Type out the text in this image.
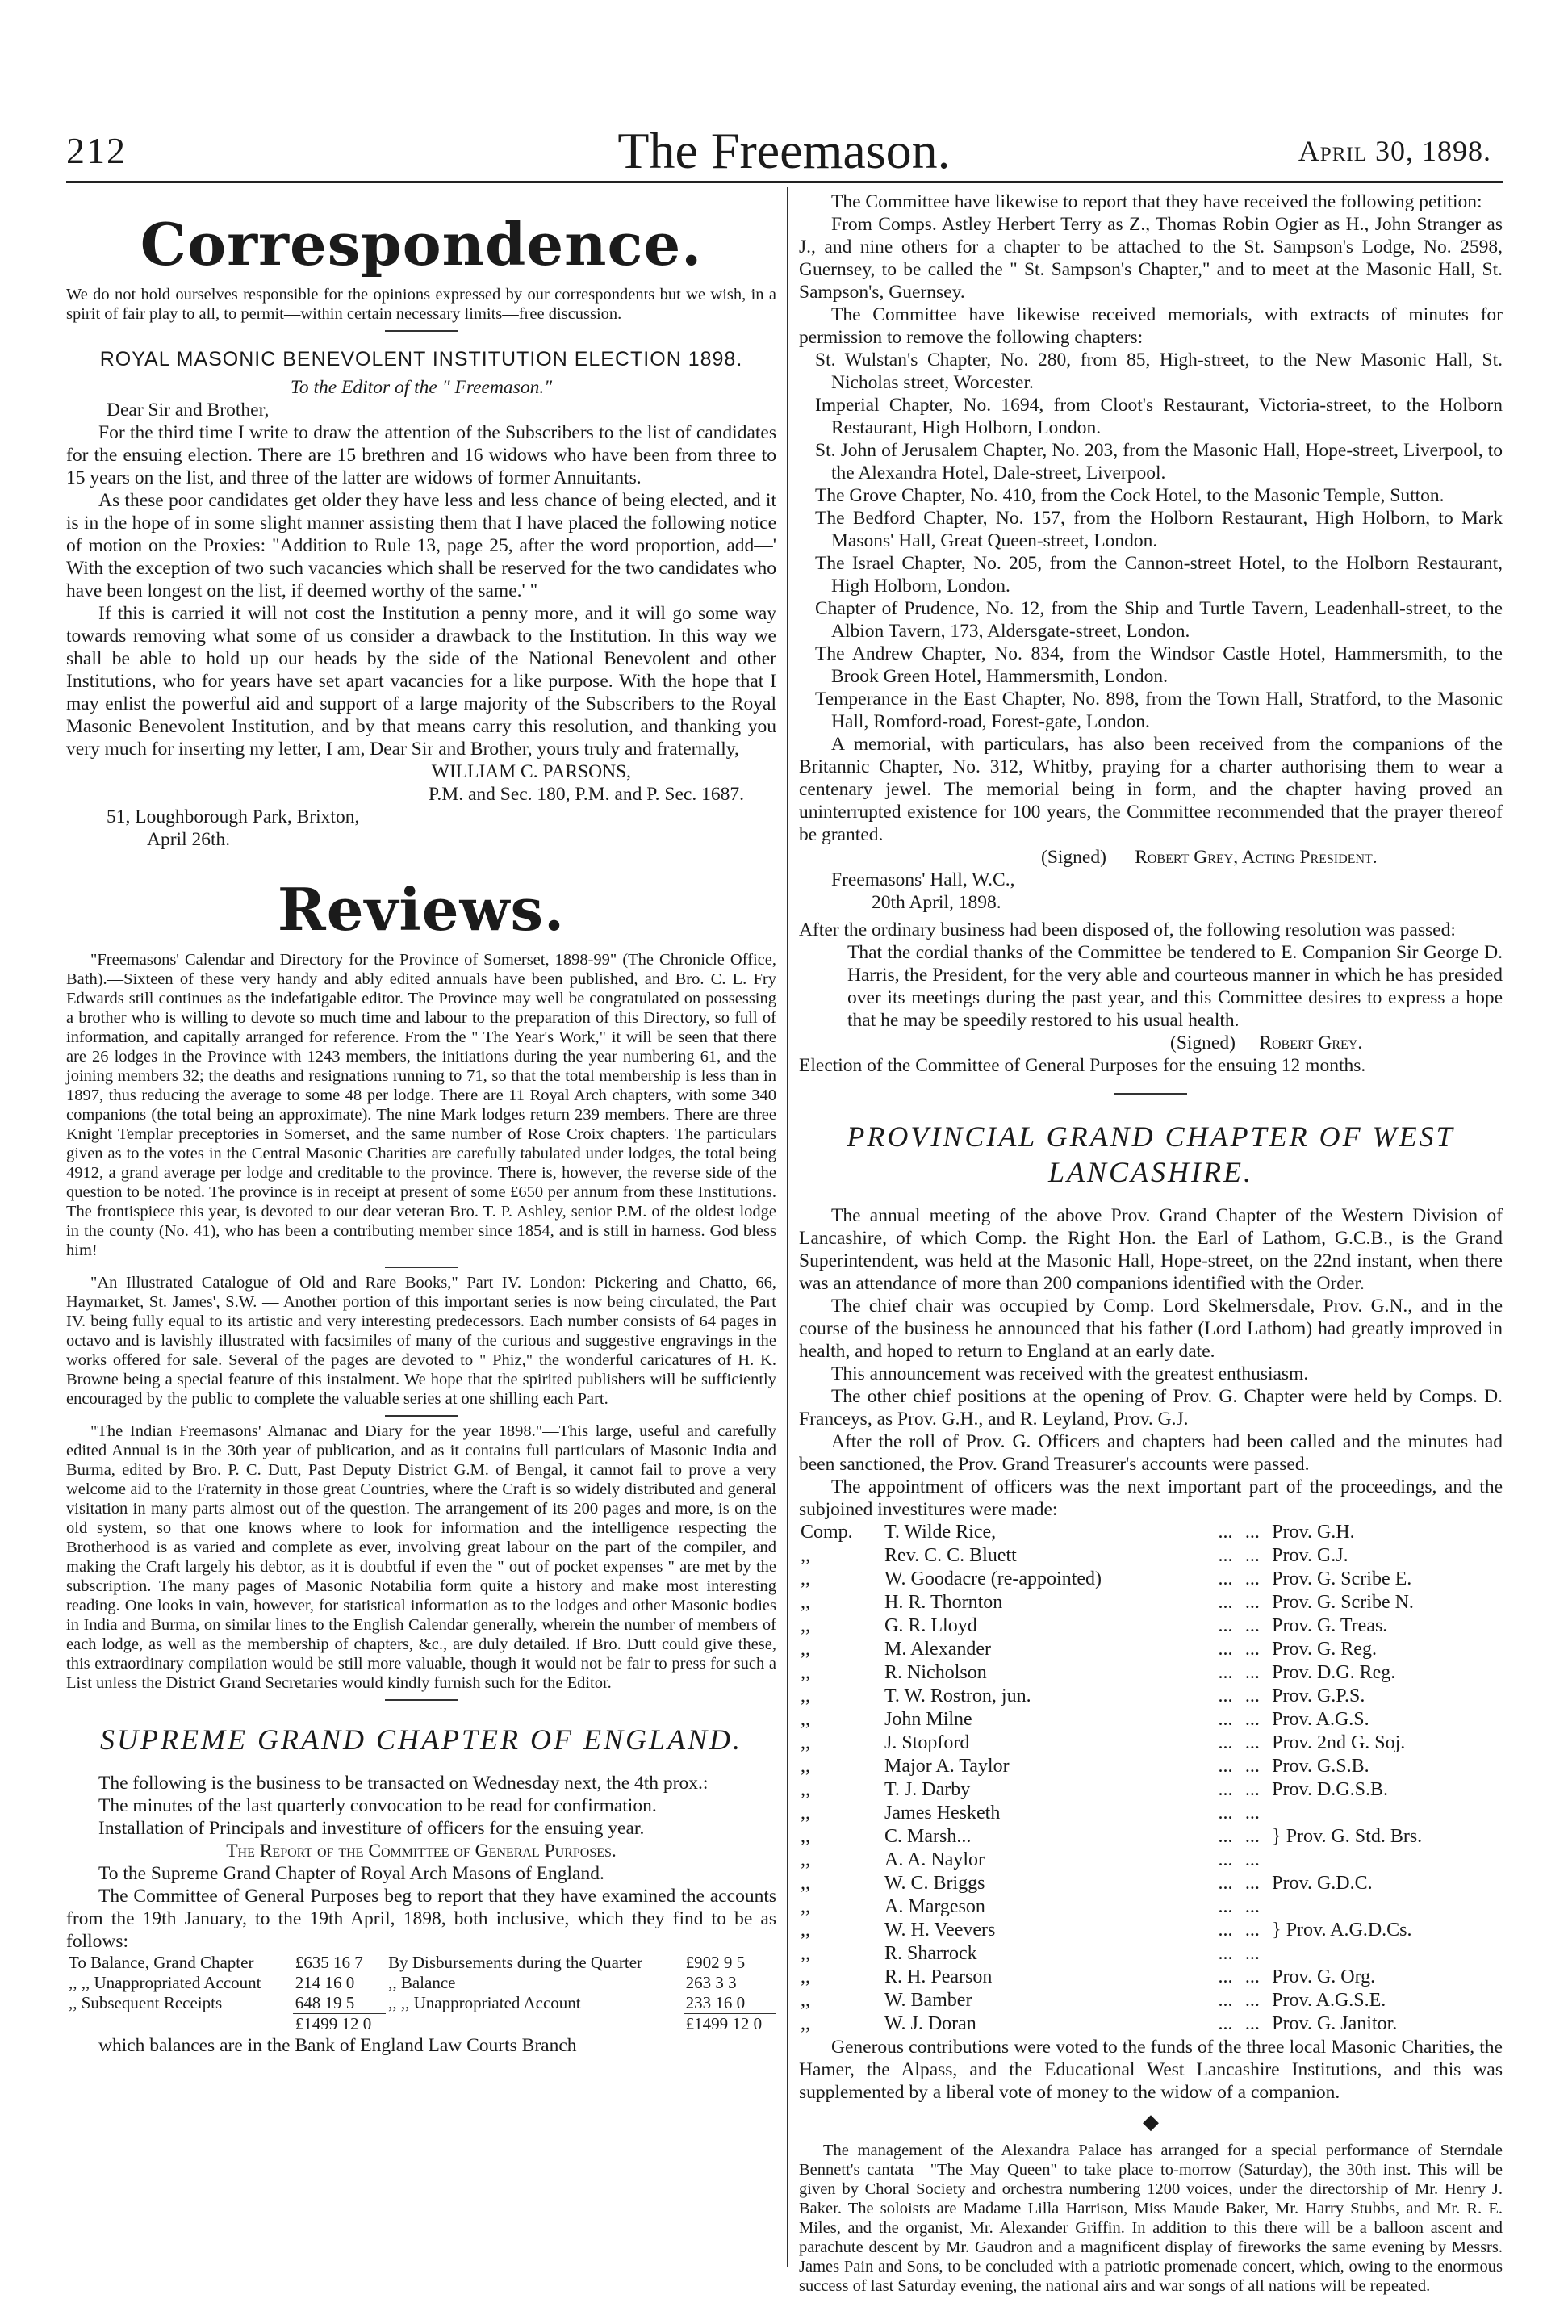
212	The Freemason.	April 30, 1898.
Correspondence.

We do not hold ourselves responsible for the opinions expressed by our correspondents but we wish, in a spirit of fair play to all, to permit—within certain necessary limits—free discussion.

ROYAL MASONIC BENEVOLENT INSTITUTION ELECTION 1898.

To the Editor of the " Freemason."

Dear Sir and Brother,

For the third time I write to draw the attention of the Subscribers to the list of candidates for the ensuing election. There are 15 brethren and 16 widows who have been from three to 15 years on the list, and three of the latter are widows of former Annuitants.

As these poor candidates get older they have less and less chance of being elected, and it is in the hope of in some slight manner assisting them that I have placed the following notice of motion on the Proxies: "Addition to Rule 13, page 25, after the word proportion, add—' With the exception of two such vacancies which shall be reserved for the two candidates who have been longest on the list, if deemed worthy of the same.' "

If this is carried it will not cost the Institution a penny more, and it will go some way towards removing what some of us consider a drawback to the Institution. In this way we shall be able to hold up our heads by the side of the National Benevolent and other Institutions, who for years have set apart vacancies for a like purpose. With the hope that I may enlist the powerful aid and support of a large majority of the Subscribers to the Royal Masonic Benevolent Institution, and by that means carry this resolution, and thanking you very much for inserting my letter, I am, Dear Sir and Brother, yours truly and fraternally,

WILLIAM C. PARSONS,

P.M. and Sec. 180, P.M. and P. Sec. 1687.

51, Loughborough Park, Brixton,

April 26th.

Reviews.

"Freemasons' Calendar and Directory for the Province of Somerset, 1898-99" (The Chronicle Office, Bath).—Sixteen of these very handy and ably edited annuals have been published, and Bro. C. L. Fry Edwards still continues as the indefatigable editor. The Province may well be congratulated on possessing a brother who is willing to devote so much time and labour to the preparation of this Directory, so full of information, and capitally arranged for reference. From the " The Year's Work," it will be seen that there are 26 lodges in the Province with 1243 members, the initiations during the year numbering 61, and the joining members 32; the deaths and resignations running to 71, so that the total membership is less than in 1897, thus reducing the average to some 48 per lodge. There are 11 Royal Arch chapters, with some 340 companions (the total being an approximate). The nine Mark lodges return 239 members. There are three Knight Templar preceptories in Somerset, and the same number of Rose Croix chapters. The particulars given as to the votes in the Central Masonic Charities are carefully tabulated under lodges, the total being 4912, a grand average per lodge and creditable to the province. There is, however, the reverse side of the question to be noted. The province is in receipt at present of some £650 per annum from these Institutions. The frontispiece this year, is devoted to our dear veteran Bro. T. P. Ashley, senior P.M. of the oldest lodge in the county (No. 41), who has been a contributing member since 1854, and is still in harness. God bless him!

"An Illustrated Catalogue of Old and Rare Books," Part IV. London: Pickering and Chatto, 66, Haymarket, St. James', S.W. — Another portion of this important series is now being circulated, the Part IV. being fully equal to its artistic and very interesting predecessors. Each number consists of 64 pages in octavo and is lavishly illustrated with facsimiles of many of the curious and suggestive engravings in the works offered for sale. Several of the pages are devoted to " Phiz," the wonderful caricatures of H. K. Browne being a special feature of this instalment. We hope that the spirited publishers will be sufficiently encouraged by the public to complete the valuable series at one shilling each Part.

"The Indian Freemasons' Almanac and Diary for the year 1898."—This large, useful and carefully edited Annual is in the 30th year of publication, and as it contains full particulars of Masonic India and Burma, edited by Bro. P. C. Dutt, Past Deputy District G.M. of Bengal, it cannot fail to prove a very welcome aid to the Fraternity in those great Countries, where the Craft is so widely distributed and general visitation in many parts almost out of the question. The arrangement of its 200 pages and more, is on the old system, so that one knows where to look for information and the intelligence respecting the Brotherhood is as varied and complete as ever, involving great labour on the part of the compiler, and making the Craft largely his debtor, as it is doubtful if even the " out of pocket expenses " are met by the subscription. The many pages of Masonic Notabilia form quite a history and make most interesting reading. One looks in vain, however, for statistical information as to the lodges and other Masonic bodies in India and Burma, on similar lines to the English Calendar generally, wherein the number of members of each lodge, as well as the membership of chapters, &c., are duly detailed. If Bro. Dutt could give these, this extraordinary compilation would be still more valuable, though it would not be fair to press for such a List unless the District Grand Secretaries would kindly furnish such for the Editor.

SUPREME GRAND CHAPTER OF ENGLAND.

The following is the business to be transacted on Wednesday next, the 4th prox.:

The minutes of the last quarterly convocation to be read for confirmation.

Installation of Principals and investiture of officers for the ensuing year.

The Report of the Committee of General Purposes.

To the Supreme Grand Chapter of Royal Arch Masons of England.

The Committee of General Purposes beg to report that they have examined the accounts from the 19th January, to the 19th April, 1898, both inclusive, which they find to be as follows:

To Balance, Grand Chapter	£635 16 7	By Disbursements during the Quarter	£902 9 5
,, ,, Unappropriated Account	214 16 0	,, Balance	263 3 3
,, Subsequent Receipts	648 19 5	,, ,, Unappropriated Account	233 16 0
	£1499 12 0		£1499 12 0

which balances are in the Bank of England Law Courts Branch

The Committee have likewise to report that they have received the following petition:

From Comps. Astley Herbert Terry as Z., Thomas Robin Ogier as H., John Stranger as J., and nine others for a chapter to be attached to the St. Sampson's Lodge, No. 2598, Guernsey, to be called the " St. Sampson's Chapter," and to meet at the Masonic Hall, St. Sampson's, Guernsey.

The Committee have likewise received memorials, with extracts of minutes for permission to remove the following chapters:

St. Wulstan's Chapter, No. 280, from 85, High-street, to the New Masonic Hall, St. Nicholas street, Worcester.

Imperial Chapter, No. 1694, from Cloot's Restaurant, Victoria-street, to the Holborn Restaurant, High Holborn, London.

St. John of Jerusalem Chapter, No. 203, from the Masonic Hall, Hope-street, Liverpool, to the Alexandra Hotel, Dale-street, Liverpool.

The Grove Chapter, No. 410, from the Cock Hotel, to the Masonic Temple, Sutton.

The Bedford Chapter, No. 157, from the Holborn Restaurant, High Holborn, to Mark Masons' Hall, Great Queen-street, London.

The Israel Chapter, No. 205, from the Cannon-street Hotel, to the Holborn Restaurant, High Holborn, London.

Chapter of Prudence, No. 12, from the Ship and Turtle Tavern, Leadenhall-street, to the Albion Tavern, 173, Aldersgate-street, London.

The Andrew Chapter, No. 834, from the Windsor Castle Hotel, Hammersmith, to the Brook Green Hotel, Hammersmith, London.

Temperance in the East Chapter, No. 898, from the Town Hall, Stratford, to the Masonic Hall, Romford-road, Forest-gate, London.

A memorial, with particulars, has also been received from the companions of the Britannic Chapter, No. 312, Whitby, praying for a charter authorising them to wear a centenary jewel. The memorial being in form, and the chapter having proved an uninterrupted existence for 100 years, the Committee recommended that the prayer thereof be granted.

(Signed) Robert Grey, Acting President.

Freemasons' Hall, W.C.,

20th April, 1898.

After the ordinary business had been disposed of, the following resolution was passed:

That the cordial thanks of the Committee be tendered to E. Companion Sir George D. Harris, the President, for the very able and courteous manner in which he has presided over its meetings during the past year, and this Committee desires to express a hope that he may be speedily restored to his usual health.

(Signed) Robert Grey.

Election of the Committee of General Purposes for the ensuing 12 months.

PROVINCIAL GRAND CHAPTER OF WEST LANCASHIRE.

The annual meeting of the above Prov. Grand Chapter of the Western Division of Lancashire, of which Comp. the Right Hon. the Earl of Lathom, G.C.B., is the Grand Superintendent, was held at the Masonic Hall, Hope-street, on the 22nd instant, when there was an attendance of more than 200 companions identified with the Order.

The chief chair was occupied by Comp. Lord Skelmersdale, Prov. G.N., and in the course of the business he announced that his father (Lord Lathom) had greatly improved in health, and hoped to return to England at an early date.

This announcement was received with the greatest enthusiasm.

The other chief positions at the opening of Prov. G. Chapter were held by Comps. D. Franceys, as Prov. G.H., and R. Leyland, Prov. G.J.

After the roll of Prov. G. Officers and chapters had been called and the minutes had been sanctioned, the Prov. Grand Treasurer's accounts were passed.

The appointment of officers was the next important part of the proceedings, and the subjoined investitures were made:

Comp.	T. Wilde Rice,	...	...	Prov. G.H.
,,	Rev. C. C. Bluett	...	...	Prov. G.J.
,,	W. Goodacre (re-appointed)	...	...	Prov. G. Scribe E.
,,	H. R. Thornton	...	...	Prov. G. Scribe N.
,,	G. R. Lloyd	...	...	Prov. G. Treas.
,,	M. Alexander	...	...	Prov. G. Reg.
,,	R. Nicholson	...	...	Prov. D.G. Reg.
,,	T. W. Rostron, jun.	...	...	Prov. G.P.S.
,,	John Milne	...	...	Prov. A.G.S.
,,	J. Stopford	...	...	Prov. 2nd G. Soj.
,,	Major A. Taylor	...	...	Prov. G.S.B.
,,	T. J. Darby	...	...	Prov. D.G.S.B.
,,	James Hesketh	...	...	
,,	C. Marsh...	...	...	} Prov. G. Std. Brs.
,,	A. A. Naylor	...	...	
,,	W. C. Briggs	...	...	Prov. G.D.C.
,,	A. Margeson	...	...	
,,	W. H. Veevers	...	...	} Prov. A.G.D.Cs.
,,	R. Sharrock	...	...	
,,	R. H. Pearson	...	...	Prov. G. Org.
,,	W. Bamber	...	...	Prov. A.G.S.E.
,,	W. J. Doran	...	...	Prov. G. Janitor.

Generous contributions were voted to the funds of the three local Masonic Charities, the Hamer, the Alpass, and the Educational West Lancashire Institutions, and this was supplemented by a liberal vote of money to the widow of a companion.

◆

The management of the Alexandra Palace has arranged for a special performance of Sterndale Bennett's cantata—"The May Queen" to take place to-morrow (Saturday), the 30th inst. This will be given by Choral Society and orchestra numbering 1200 voices, under the directorship of Mr. Henry J. Baker. The soloists are Madame Lilla Harrison, Miss Maude Baker, Mr. Harry Stubbs, and Mr. R. E. Miles, and the organist, Mr. Alexander Griffin. In addition to this there will be a balloon ascent and parachute descent by Mr. Gaudron and a magnificent display of fireworks the same evening by Messrs. James Pain and Sons, to be concluded with a patriotic promenade concert, which, owing to the enormous success of last Saturday evening, the national airs and war songs of all nations will be repeated.
